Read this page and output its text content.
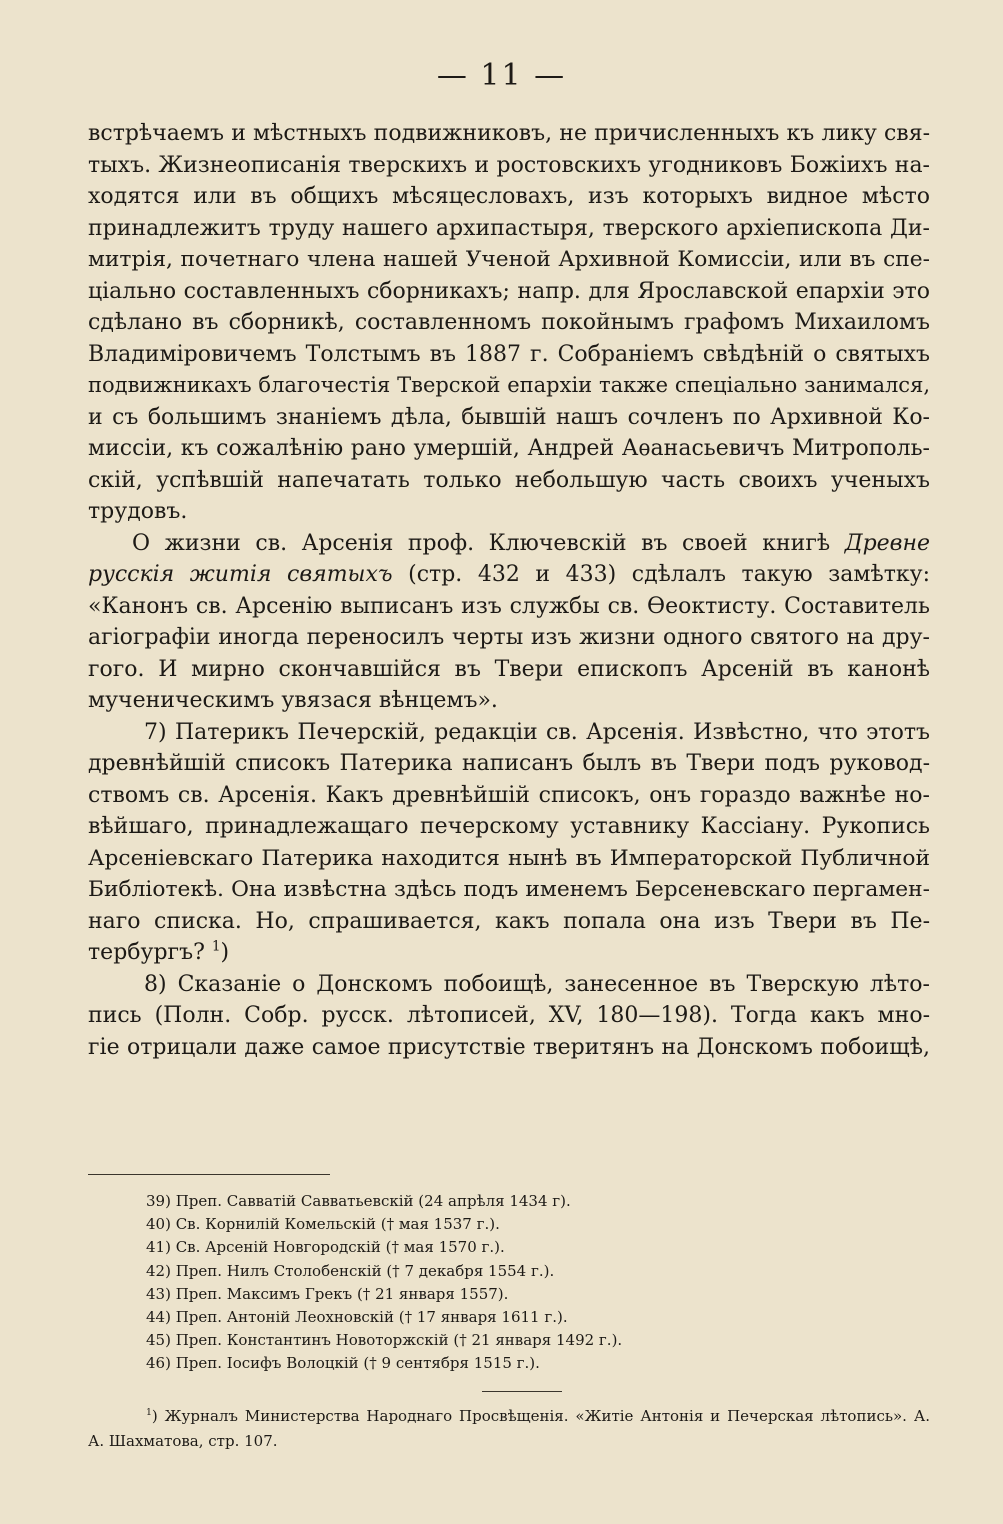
— 11 —
встрѣчаемъ и мѣстныхъ подвижниковъ, не причисленныхъ къ лику свя-
тыхъ. Жизнеописанія тверскихъ и ростовскихъ угодниковъ Божіихъ на-
ходятся или въ общихъ мѣсяцесловахъ, изъ которыхъ видное мѣсто
принадлежитъ труду нашего архипастыря, тверского архіепископа Ди-
митрія, почетнаго члена нашей Ученой Архивной Комиссіи, или въ спе-
ціально составленныхъ сборникахъ; напр. для Ярославской епархіи это
сдѣлано въ сборникѣ, составленномъ покойнымъ графомъ Михаиломъ
Владиміровичемъ Толстымъ въ 1887 г. Собраніемъ свѣдѣній о святыхъ
подвижникахъ благочестія Тверской епархіи также спеціально занимался,
и съ большимъ знаніемъ дѣла, бывшій нашъ сочленъ по Архивной Ко-
миссіи, къ сожалѣнію рано умершій, Андрей Аѳанасьевичъ Митрополь-
скій, успѣвшій напечатать только небольшую часть своихъ ученыхъ
трудовъ.
О жизни св. Арсенія проф. Ключевскій въ своей книгѣ Древне
русскія житія святыхъ (стр. 432 и 433) сдѣлалъ такую замѣтку:
«Канонъ св. Арсенію выписанъ изъ службы св. Ѳеоктисту. Составитель
агіографіи иногда переносилъ черты изъ жизни одного святого на дру-
гого. И мирно скончавшійся въ Твери епископъ Арсеній въ канонѣ
мученическимъ увязася вѣнцемъ».
7) Патерикъ Печерскій, редакціи св. Арсенія. Извѣстно, что этотъ
древнѣйшій списокъ Патерика написанъ былъ въ Твери подъ руковод-
ствомъ св. Арсенія. Какъ древнѣйшій списокъ, онъ гораздо важнѣе но-
вѣйшаго, принадлежащаго печерскому уставнику Кассіану. Рукопись
Арсеніевскаго Патерика находится нынѣ въ Императорской Публичной
Библіотекѣ. Она извѣстна здѣсь подъ именемъ Берсеневскаго пергамен-
наго списка. Но, спрашивается, какъ попала она изъ Твери въ Пе-
тербургъ? $^1$)
8) Сказаніе о Донскомъ побоищѣ, занесенное въ Тверскую лѣто-
пись (Полн. Собр. русск. лѣтописей, XV, 180—198). Тогда какъ мно-
гіе отрицали даже самое присутствіе тверитянъ на Донскомъ побоищѣ,
39) Преп. Савватій Савватьевскій (24 апрѣля 1434 г).
40) Св. Корнилій Комельскій († мая 1537 г.).
41) Св. Арсеній Новгородскій († мая 1570 г.).
42) Преп. Нилъ Столобенскій († 7 декабря 1554 г.).
43) Преп. Максимъ Грекъ († 21 января 1557).
44) Преп. Антоній Леохновскій († 17 января 1611 г.).
45) Преп. Константинъ Новоторжскій († 21 января 1492 г.).
46) Преп. Іосифъ Волоцкій († 9 сентября 1515 г.).
$^1$) Журналъ Министерства Народнаго Просвѣщенія. «Житіе Антонія и Печерская лѣтопись». А.
А. Шахматова, стр. 107.
